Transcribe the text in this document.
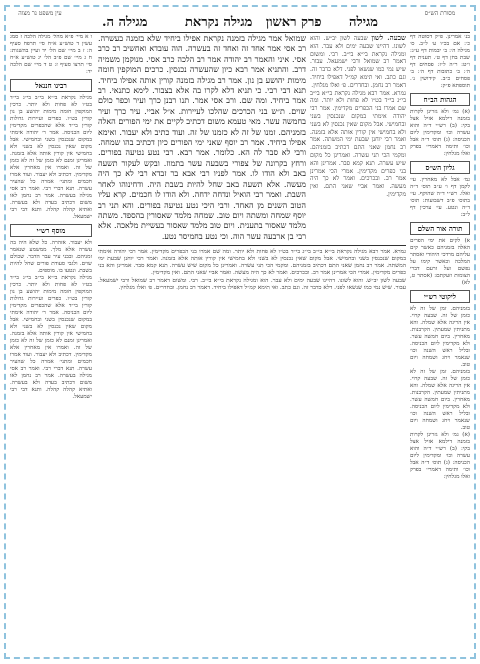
מסורת הש״ס
מגילה
פרק ראשון   מגילה נקראת
מגילה ה.
עין משפט נר מצוה

בנ׳ אמרינן. פ״ק דסוטה דף כ׳: אם בכ״ו ע׳ ל״ב. ס׳ מגילה ה׳: ב׳ יבמות דף ע״ג: שבת בחן דף ט׳. תענית דף ו״ט: ר״ה ל״ז: פסחים דף ה׳: ב׳ כתובות דף ה׳: ב׳ פסחים כ״ב. קידושין נ׳. תוספתא פ״ק:

הגהות הב״ח

(א) גמ׳ ולא גזרינן לקרות בזמנה דילמא אזיל אצל בקי: (ב) רש״י ד״ה והוא עשרה וכו׳ ומקדימין ליום הכניסה: (ג) תוס׳ ד״ה אבל וכו׳ ותימה דאמרי׳ בפרק ואלו מגלחין:

גליון הש״ס

גמ׳ אבל לא מאחרין. עי׳ לקמן דף ו׳ ע״ב תוס׳ ד״ה ואלו. רש״י ד״ה שהוקף. עי׳ בתוס׳ פ״ב דשבועות: תוס׳ ד״ה ונטע. עי׳ ערכין דף ל״ב:

תורה אור השלם

א) לקים את ימי הפרים האלה בזמניהם כאשר קים עליהם מרדכי היהודי ואסתר המלכה וכאשר קימו על נפשם ועל זרעם דברי הצומות וזעקתם: (אסתר ט, לא)

ליקוטי רש״י

בזמניהם. זמן של זה לא כזמן של זה. שבעה קרוי. אין הריגה אלא שמלה. והא מתניתין שמעתין. הקרבנות. מאחרין. ביום חמשה עשר. ולא מקדימין ליום הכניסה. ובליל ראש השנה וכו׳ שנאמר ויחג ושמחה ויום טוב.

בזמניהם. זמן של זה לא כזמן של זה. שבעה קרוי. אין הריגה אלא שמלה. והא מתניתין שמעתין. הקרבנות. מאחרין. ביום חמשה עשר. ולא מקדימין ליום הכניסה. ובליל ראש השנה וכו׳ שנאמר ויחג ושמחה ויום טוב.

(א) גמ׳ ולא גזרינן לקרות בזמנה דילמא אזיל אצל בקי: (ב) רש״י ד״ה והוא עשרה וכו׳ ומקדימין ליום הכניסה: (ג) תוס׳ ד״ה אבל וכו׳ ותימה דאמרי׳ בפרק ואלו מגלחין:

שבעה. לשון שבעה לשון יב״ש. והוא לשונו. דהיינו שבעה ימים ולא עבר. הוא ומגילה נקראת בי״א בי״ב. רבי. ומשום דאמר רב שמואל ורבי ישמעאל. עבור. שיש נמי כמו שנשאו לפני. דלא כדבר זה. וגם כתב. ואי תימא קמ״ל דאפילו ביחיד. דאמר רב נחמן. ובחדרים. פ׳ ואלו מגלחין.

גמרא. אמר רבא מגילה נקראת בי״א בי״ב בי״ג בי״ד בט״ו לא פחות ולא יותר. ומה שם אמרו בני הכפרים מקדימין. אמר רבי יהודה אימתי במקום שנכנסין בשני ובחמישי. אבל מקום שאין נכנסין לא בשני ולא בחמישי אין קורין אותה אלא בזמנה. ואמר רבי יוחנן שבעת ימי המשתה. אמר רב נחמן שאני התם דכתיב בזמניהם. ומקמי הכי תני עשרה. ואמרינן כל מקום שיש עשרה. תנא קמא סבר. אמרינן והא בני כפרים מקדימין. אמרי הכי אמרינן אמר רב. ובכרכים. ואמר לא כך היה מעשה. ואמר אביי שאני התם. ואין מקדימין.

שמואל אמר מגילה בזמנה נקראת אפילו ביחיד שלא בזמנה בעשרה. רב אסי אמר אחד זה ואחד זה בעשרה. הוה עובדא ואחשיב רב כרב אסי. איני והאמר רב יהודה אמר רב הלכה כרב אסי. מנוקמן משמיה דרב. והתניא אמר רבא כיון שהעשרה נכנסין. כרכים המוקפין חומה מימות יהושע בן נון. אמר רב מגילה בזמנה קורין אותה אפילו ביחיד. תנא דבי רבי. כי תניא דלא לקרו בה אלא בצבור. לימא כתנאי. רב אמר ביחיד. ומה שם. ורב אסי אמר. תנו רבנן כרך ועיר וכפר כולם שוים. ת״ש בני הכרכים שהלכו לעיירות. א״ל אביי. עיר כרך ועיר בחמשה עשר. מאי טעמא משום דכתיב לקיים את ימי הפורים האלה בזמניהם. זמנו של זה לא כזמנו של זה. ועוד כתיב ולא יעבור. ואימא אפילו ביחיד. אמר רב יוסף שאני ימי הפורים כיון דכתיב בהו שמחה. ורבי לא סבר לה הא. כלומר. אמר רבא. רבי נטע נטיעה בפורים. ורחץ בקרונה של צפורי בשבעה עשר בתמוז. ובקש לעקור תשעה באב ולא הודו לו. אמר לפניו רבי אבא בר זבדא רבי לא כך היה מעשה. אלא תשעה באב שחל להיות בשבת היה. ודחינוהו לאחר השבת. ואמר רבי הואיל ונדחה ידחה. ולא הודו לו חכמים. קרא עליו הטוב השנים מן האחד. ורבי היכי נטע נטיעה בפורים. והא תני רב יוסף שמחה ומשתה ויום טוב. שמחה מלמד שאסורין בהספד. משתה מלמד שאסור בתענית. ויום טוב מלמד שאסור בעשיית מלאכה. אלא רבי בן ארבעה עשר הוה. וכי נטע בחמיסר נטע.

גמרא. אמר רבא מגילה נקראת בי״א בי״ב בי״ג בי״ד בט״ו לא פחות ולא יותר. ומה שם אמרו בני הכפרים מקדימין. אמר רבי יהודה אימתי במקום שנכנסין בשני ובחמישי. אבל מקום שאין נכנסין לא בשני ולא בחמישי אין קורין אותה אלא בזמנה. ואמר רבי יוחנן שבעת ימי המשתה. אמר רב נחמן שאני התם דכתיב בזמניהם. ומקמי הכי תני עשרה. ואמרינן כל מקום שיש עשרה. תנא קמא סבר. אמרינן והא בני כפרים מקדימין. אמרי הכי אמרינן אמר רב. ובכרכים. ואמר לא כך היה מעשה. ואמר אביי שאני התם. ואין מקדימין.

שבעה לשון יב״ש. והוא לשונו. דהיינו שבעה ימים ולא עבר. הוא ומגילה נקראת בי״א בי״ב. רבי. ומשום דאמר רב שמואל ורבי ישמעאל. עבור. שיש נמי כמו שנשאו לפני. דלא כדבר זה. וגם כתב. ואי תימא קמ״ל דאפילו ביחיד. דאמר רב נחמן. ובחדרים. פ׳ ואלו מגלחין.

ו א מיי׳ פ״א מהל׳ מגילה הלכה ז סמג עשין ד טוש״ע א״ח סי׳ תרפח סעיף ה: ז ב מיי׳ שם הל׳ יד ועיין בהשגות: ח ג מיי׳ שם פ״ב הל׳ יג טוש״ע א״ח סי׳ תרצו סעיף ז: ט ד מיי׳ שם הלכה יד:

רבינו חננאל

מגילה נקראת בי״א בי״ב בי״ג בי״ד בט״ו לא פחות ולא יותר. כרכין המוקפין חומה מימות יהושע בן נון קורין בט״ו. כפרים ועיירות גדולות קורין בי״ד אלא שהכפרים מקדימין ליום הכניסה. אמר ר׳ יהודה אימתי במקום שנכנסין בשני ובחמישי. אבל מקום שאין נכנסין לא בשני ולא בחמישי אין קורין אותה אלא בזמנה. ואמרינן זמנם לא כזמן של זה לא כזמן של זה. ואמרו אין מאחרין אלא מקדימין. דכתיב ולא יעבור. ועוד אמרו חכמים ומתני׳ אמרה כל שהעיר עשרה. תנא דברי רבי. ואמר רב אסי מגילה בעשרה. אמר רב נחמן לאו משום דכתיב בעדה ולא בעשרה. ואתיא קהלה קהלה. ותנא דבי רבי ישמעאל.

מוסף רש״י

ולא יעבור. אזהרה. כל שלא היה בה עשרה אלא מלך. ממשמע שנאמר זמניהם. ובבני עיר עבר הדבר. שכולם שוים. ולגבי סעודת פורים שחל להיות בשבת. ונטעו בו. מוספים.

מגילה נקראת בי״א בי״ב בי״ג בי״ד בט״ו לא פחות ולא יותר. כרכין המוקפין חומה מימות יהושע בן נון קורין בט״ו. כפרים ועיירות גדולות קורין בי״ד אלא שהכפרים מקדימין ליום הכניסה. אמר ר׳ יהודה אימתי במקום שנכנסין בשני ובחמישי. אבל מקום שאין נכנסין לא בשני ולא בחמישי אין קורין אותה אלא בזמנה. ואמרינן זמנם לא כזמן של זה לא כזמן של זה. ואמרו אין מאחרין אלא מקדימין. דכתיב ולא יעבור. ועוד אמרו חכמים ומתני׳ אמרה כל שהעיר עשרה. תנא דברי רבי. ואמר רב אסי מגילה בעשרה. אמר רב נחמן לאו משום דכתיב בעדה ולא בעשרה. ואתיא קהלה קהלה. ותנא דבי רבי ישמעאל.
